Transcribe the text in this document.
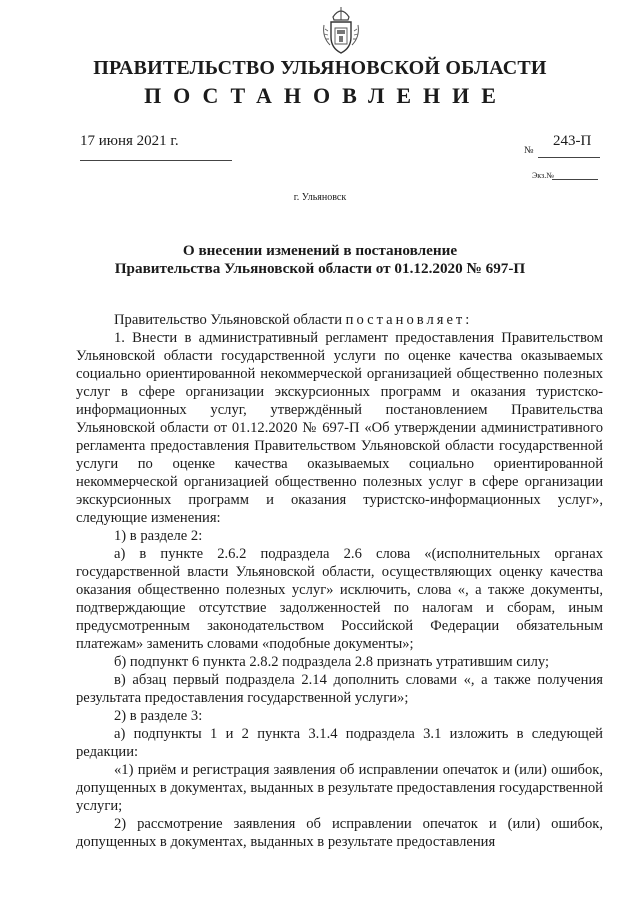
ПРАВИТЕЛЬСТВО УЛЬЯНОВСКОЙ ОБЛАСТИ
ПОСТАНОВЛЕНИЕ
17 июня 2021 г.
№
243-П
Экз.№
г. Ульяновск
О внесении изменений в постановление
Правительства Ульяновской области от 01.12.2020 № 697-П

Правительство Ульяновской области постановляет:

1. Внести в административный регламент предоставления Правительством Ульяновской области государственной услуги по оценке качества оказываемых социально ориентированной некоммерческой организацией общественно полезных услуг в сфере организации экскурсионных программ и оказания туристско-информационных услуг, утверждённый постановлением Правительства Ульяновской области от 01.12.2020 № 697-П «Об утверждении административного регламента предоставления Правительством Ульяновской области государственной услуги по оценке качества оказываемых социально ориентированной некоммерческой организацией общественно полезных услуг в сфере организации экскурсионных программ и оказания туристско-информационных услуг», следующие изменения:

1) в разделе 2:

а) в пункте 2.6.2 подраздела 2.6 слова «(исполнительных органах государственной власти Ульяновской области, осуществляющих оценку качества оказания общественно полезных услуг» исключить, слова «, а также документы, подтверждающие отсутствие задолженностей по налогам и сборам, иным предусмотренным законодательством Российской Федерации обязательным платежам» заменить словами «подобные документы»;

б) подпункт 6 пункта 2.8.2 подраздела 2.8 признать утратившим силу;

в) абзац первый подраздела 2.14 дополнить словами «, а также получения результата предоставления государственной услуги»;

2) в разделе 3:

а) подпункты 1 и 2 пункта 3.1.4 подраздела 3.1 изложить в следующей редакции:

«1) приём и регистрация заявления об исправлении опечаток и (или) ошибок, допущенных в документах, выданных в результате предоставления государственной услуги;

2) рассмотрение заявления об исправлении опечаток и (или) ошибок, допущенных в документах, выданных в результате предоставления
